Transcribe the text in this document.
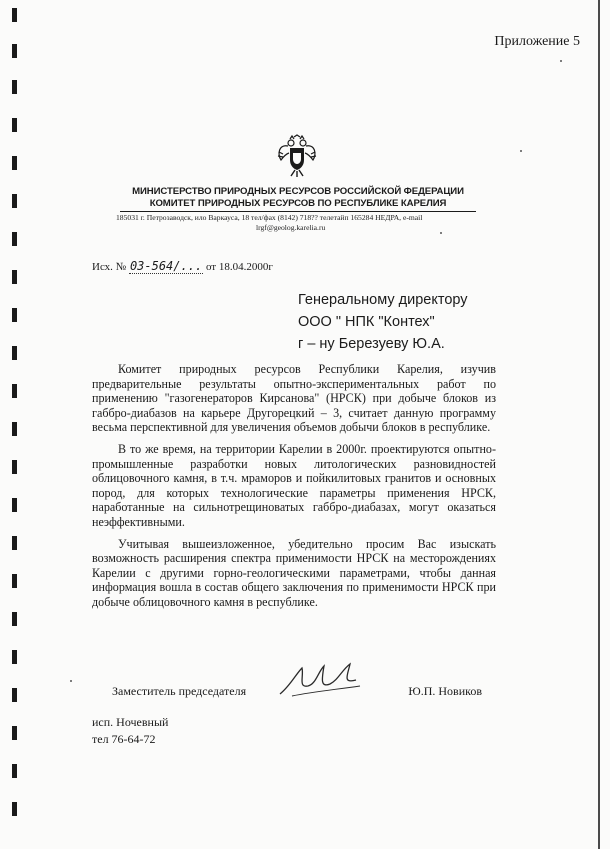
Приложение 5
МИНИСТЕРСТВО ПРИРОДНЫХ РЕСУРСОВ РОССИЙСКОЙ ФЕДЕРАЦИИ
КОМИТЕТ ПРИРОДНЫХ РЕСУРСОВ ПО РЕСПУБЛИКЕ КАРЕЛИЯ
185031 г. Петрозаводск, ило Варкауса, 18 тел/фах (8142) 718?? телетайп 165284 НЕДРА, e-mail
lrgf@geolog.karelia.ru
Исх. № 03-564/... от 18.04.2000г
Генеральному директору
ООО " НПК "Контех"
г – ну Березуеву Ю.А.

Комитет природных ресурсов Республики Карелия, изучив предварительные результаты опытно-экспериментальных работ по применению "газогенераторов Кирсанова" (НРСК) при добыче блоков из габбро-диабазов на карьере Другорецкий – 3, считает данную программу весьма перспективной для увеличения объемов добычи блоков в республике.

В то же время, на территории Карелии в 2000г. проектируются опытно-промышленные разработки новых литологических разновидностей облицовочного камня, в т.ч. мраморов и пойкилитовых гранитов и основных пород, для которых технологические параметры применения НРСК, наработанные на сильнотрещиноватых габбро-диабазах, могут оказаться неэффективными.

Учитывая вышеизложенное, убедительно просим Вас изыскать возможность расширения спектра применимости НРСК на месторождениях Карелии с другими горно-геологическими параметрами, чтобы данная информация вошла в состав общего заключения по применимости НРСК при добыче облицовочного камня в республике.

Заместитель председателя	Ю.П. Новиков
исп. Ночевный
тел 76-64-72
